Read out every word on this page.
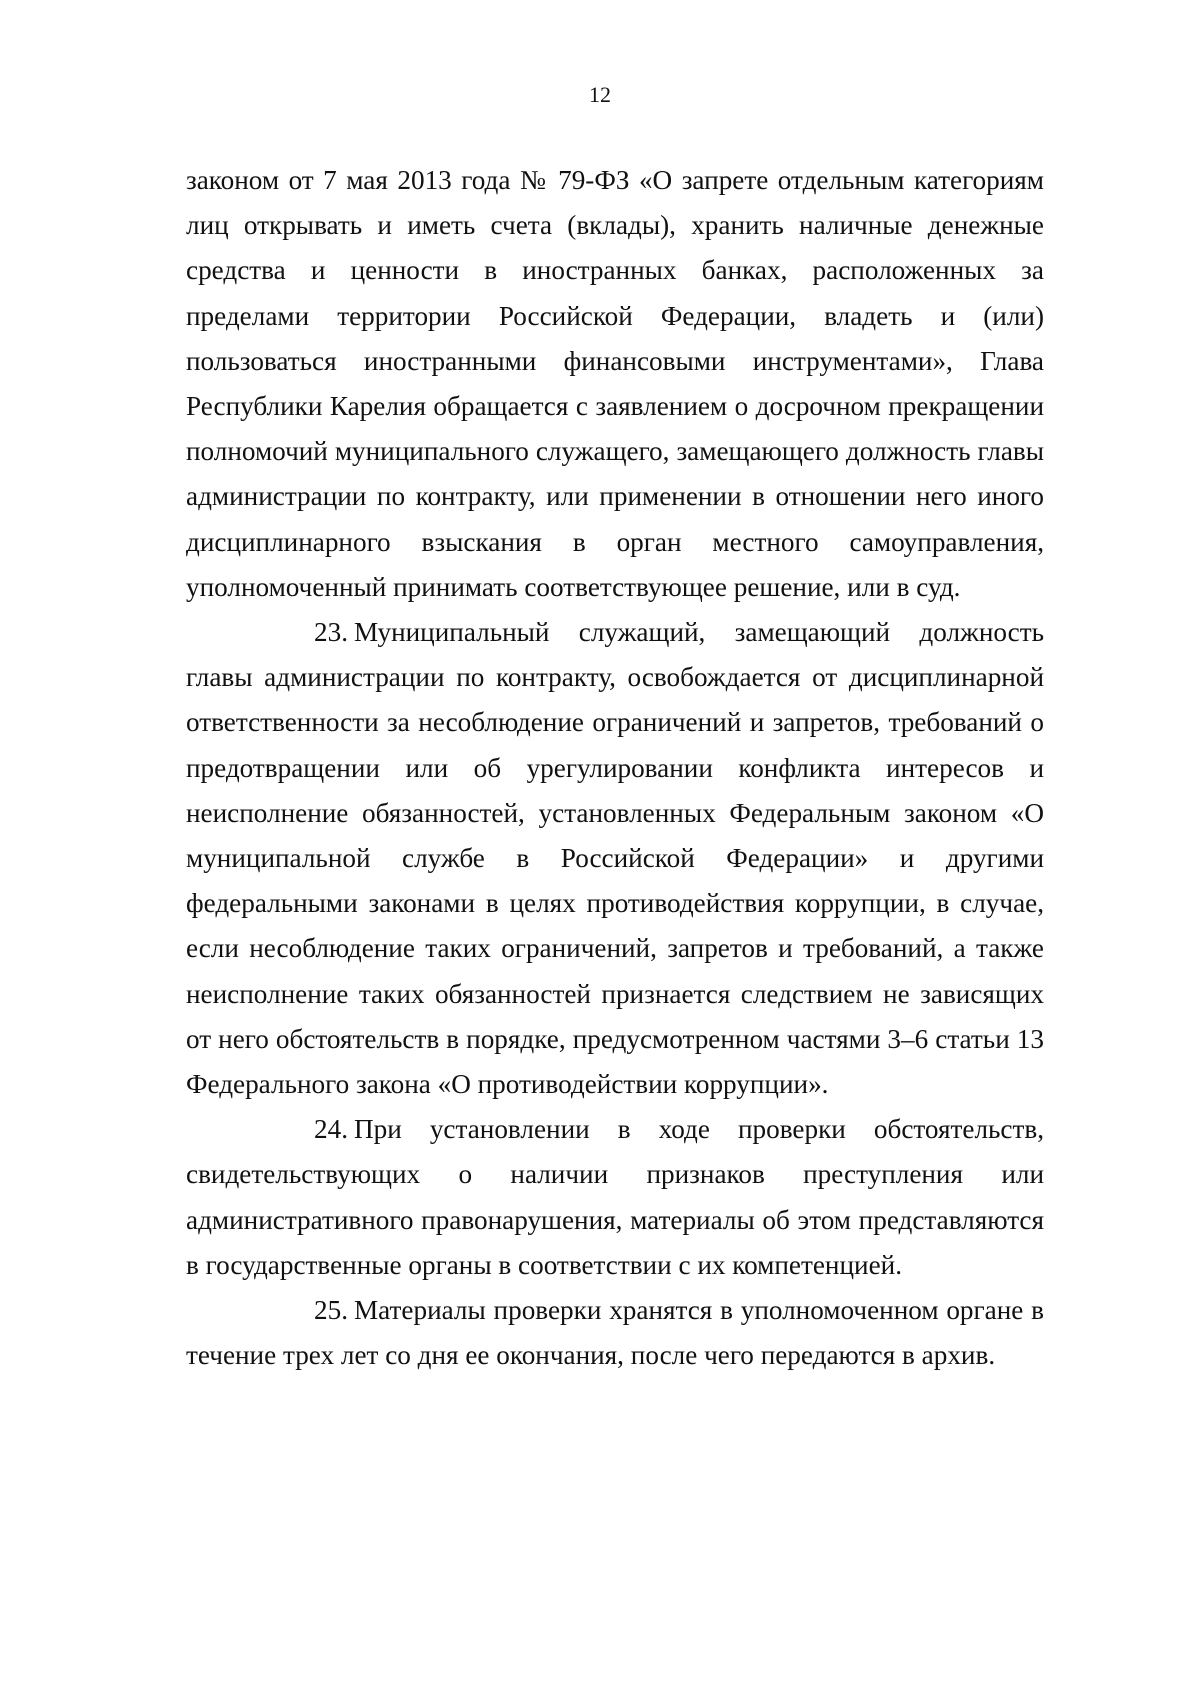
12

законом от 7 мая 2013 года № 79-ФЗ «О запрете отдельным категориям лиц открывать и иметь счета (вклады), хранить наличные денежные средства и ценности в иностранных банках, расположенных за пределами территории Российской Федерации, владеть и (или) пользоваться иностранными финансовыми инструментами», Глава Республики Карелия обращается с заявлением о досрочном прекращении полномочий муниципального служащего, замещающего должность главы администрации по контракту, или применении в отношении него иного дисциплинарного взыскания в орган местного самоуправления, уполномоченный принимать соответствующее решение, или в суд.

23. Муниципальный служащий, замещающий должность главы администрации по контракту, освобождается от дисциплинарной ответственности за несоблюдение ограничений и запретов, требований о предотвращении или об урегулировании конфликта интересов и неисполнение обязанностей, установленных Федеральным законом «О муниципальной службе в Российской Федерации» и другими федеральными законами в целях противодействия коррупции, в случае, если несоблюдение таких ограничений, запретов и требований, а также неисполнение таких обязанностей признается следствием не зависящих от него обстоятельств в порядке, предусмотренном частями 3–6 статьи 13 Федерального закона «О противодействии коррупции».

24. При установлении в ходе проверки обстоятельств, свидетельствующих о наличии признаков преступления или административного правонарушения, материалы об этом представляются в государственные органы в соответствии с их компетенцией.

25. Материалы проверки хранятся в уполномоченном органе в течение трех лет со дня ее окончания, после чего передаются в архив.
